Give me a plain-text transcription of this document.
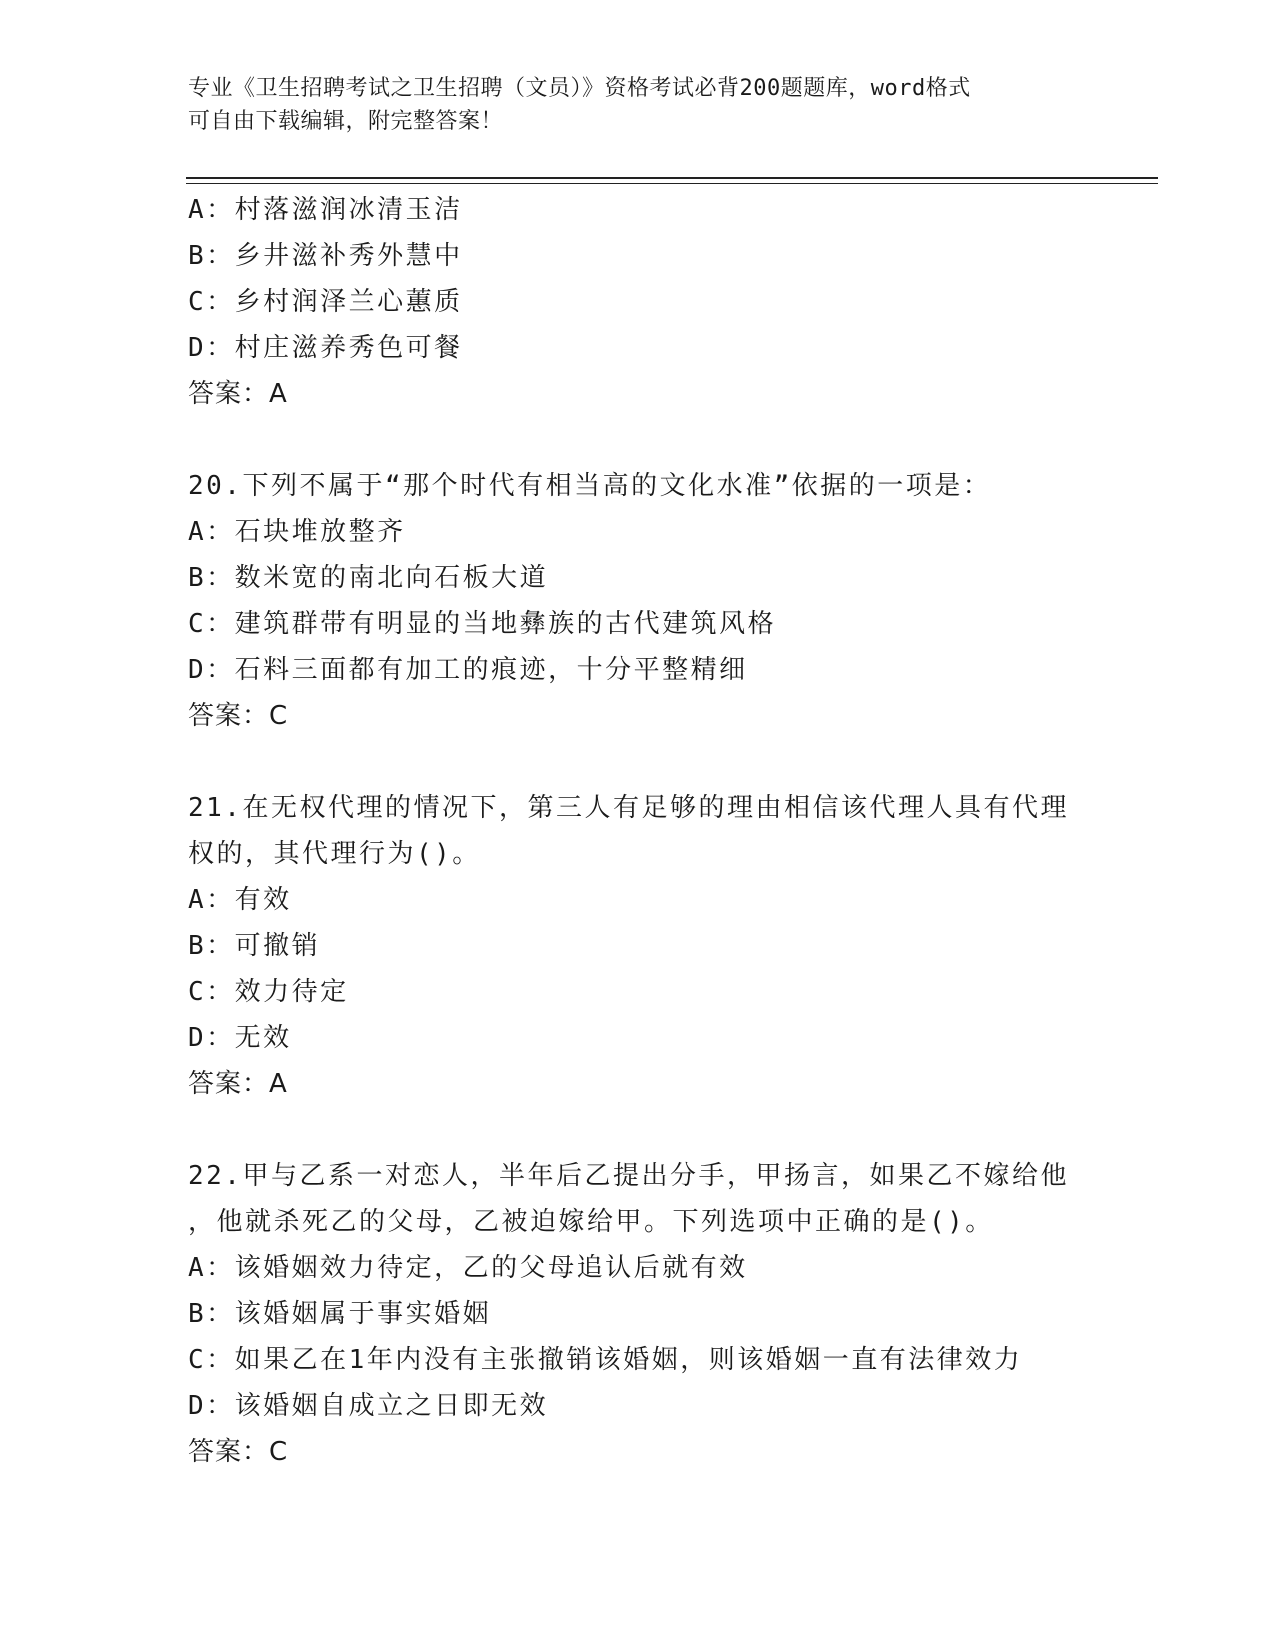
专业《卫生招聘考试之卫生招聘（文员）》资格考试必背200题题库，word格式
可自由下载编辑，附完整答案！
A：村落滋润冰清玉洁
B：乡井滋补秀外慧中
C：乡村润泽兰心蕙质
D：村庄滋养秀色可餐
答案：A
20.下列不属于“那个时代有相当高的文化水准”依据的一项是：
A：石块堆放整齐
B：数米宽的南北向石板大道
C：建筑群带有明显的当地彝族的古代建筑风格
D：石料三面都有加工的痕迹，十分平整精细
答案：C
21.在无权代理的情况下，第三人有足够的理由相信该代理人具有代理
权的，其代理行为()。
A：有效
B：可撤销
C：效力待定
D：无效
答案：A
22.甲与乙系一对恋人，半年后乙提出分手，甲扬言，如果乙不嫁给他
，他就杀死乙的父母，乙被迫嫁给甲。下列选项中正确的是()。
A：该婚姻效力待定，乙的父母追认后就有效
B：该婚姻属于事实婚姻
C：如果乙在1年内没有主张撤销该婚姻，则该婚姻一直有法律效力
D：该婚姻自成立之日即无效
答案：C
